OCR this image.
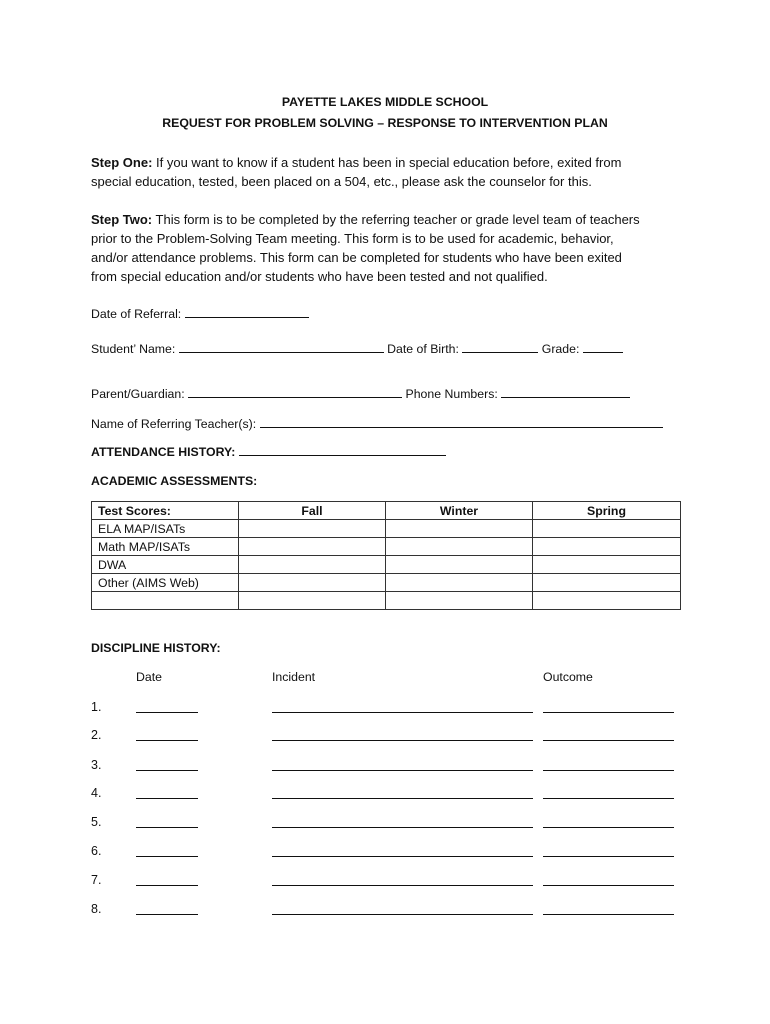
PAYETTE LAKES MIDDLE SCHOOL
REQUEST FOR PROBLEM SOLVING – RESPONSE TO INTERVENTION PLAN
Step One: If you want to know if a student has been in special education before, exited from
special education, tested, been placed on a 504, etc., please ask the counselor for this.
Step Two: This form is to be completed by the referring teacher or grade level team of teachers
prior to the Problem-Solving Team meeting. This form is to be used for academic, behavior,
and/or attendance problems. This form can be completed for students who have been exited
from special education and/or students who have been tested and not qualified.
Date of Referral:
Student’ Name:	Date of Birth:	Grade:
Parent/Guardian:	Phone Numbers:
Name of Referring Teacher(s):
ATTENDANCE HISTORY:
ACADEMIC ASSESSMENTS:
Test Scores:	Fall	Winter	Spring
ELA MAP/ISATs			
Math MAP/ISATs			
DWA			
Other (AIMS Web)			

DISCIPLINE HISTORY:
Date	Incident	Outcome
1.
2.
3.
4.
5.
6.
7.
8.
